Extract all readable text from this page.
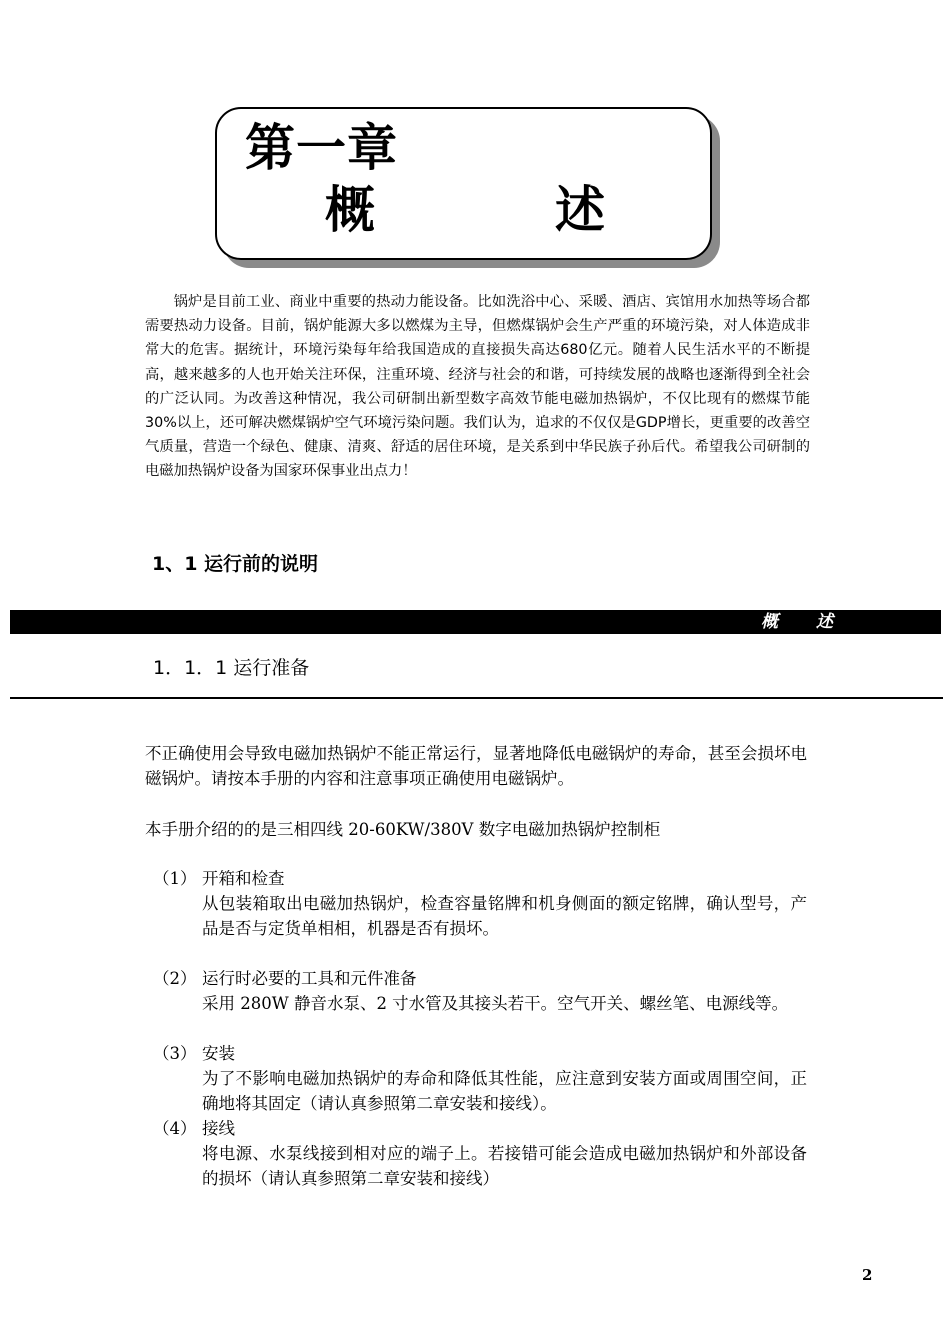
第一章
概	述

锅炉是目前工业、商业中重要的热动力能设备。比如洗浴中心、采暖、酒店、宾馆用水加热等场合都需要热动力设备。目前，锅炉能源大多以燃煤为主导，但燃煤锅炉会生产严重的环境污染，对人体造成非常大的危害。据统计，环境污染每年给我国造成的直接损失高达680亿元。随着人民生活水平的不断提高，越来越多的人也开始关注环保，注重环境、经济与社会的和谐，可持续发展的战略也逐渐得到全社会的广泛认同。为改善这种情况，我公司研制出新型数字高效节能电磁加热锅炉，不仅比现有的燃煤节能30%以上，还可解决燃煤锅炉空气环境污染问题。我们认为，追求的不仅仅是GDP增长，更重要的改善空气质量，营造一个绿色、健康、清爽、舒适的居住环境，是关系到中华民族子孙后代。希望我公司研制的电磁加热锅炉设备为国家环保事业出点力！

1、1 运行前的说明
概述
1．1．1 运行准备

不正确使用会导致电磁加热锅炉不能正常运行，显著地降低电磁锅炉的寿命，甚至会损坏电磁锅炉。请按本手册的内容和注意事项正确使用电磁锅炉。

本手册介绍的的是三相四线 20-60KW/380V 数字电磁加热锅炉控制柜

（1） 开箱和检查

从包装箱取出电磁加热锅炉，检查容量铭牌和机身侧面的额定铭牌，确认型号，产品是否与定货单相相，机器是否有损坏。

（2） 运行时必要的工具和元件准备

采用 280W 静音水泵、2 寸水管及其接头若干。空气开关、螺丝笔、电源线等。

（3） 安装

为了不影响电磁加热锅炉的寿命和降低其性能，应注意到安装方面或周围空间，正确地将其固定（请认真参照第二章安装和接线）。

（4） 接线

将电源、水泵线接到相对应的端子上。若接错可能会造成电磁加热锅炉和外部设备的损坏（请认真参照第二章安装和接线）

2
